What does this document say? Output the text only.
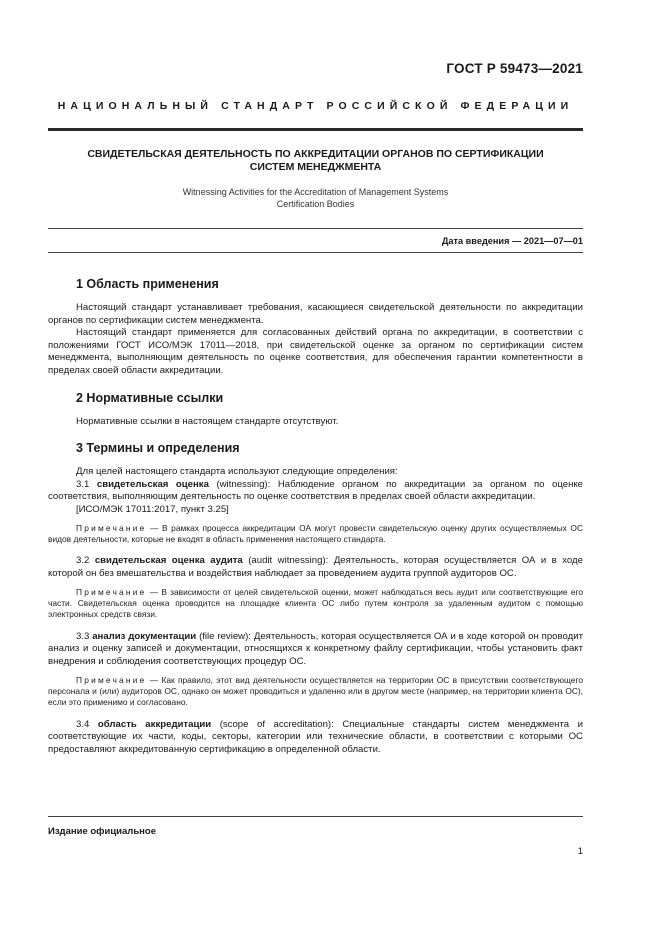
ГОСТ Р 59473—2021
НАЦИОНАЛЬНЫЙ СТАНДАРТ РОССИЙСКОЙ ФЕДЕРАЦИИ
СВИДЕТЕЛЬСКАЯ ДЕЯТЕЛЬНОСТЬ ПО АККРЕДИТАЦИИ ОРГАНОВ ПО СЕРТИФИКАЦИИ
СИСТЕМ МЕНЕДЖМЕНТА
Witnessing Activities for the Accreditation of Management Systems
Certification Bodies
Дата введения — 2021—07—01
1 Область применения

Настоящий стандарт устанавливает требования, касающиеся свидетельской деятельности по аккредитации органов по сертификации систем менеджмента.

Настоящий стандарт применяется для согласованных действий органа по аккредитации, в соответствии с положениями ГОСТ ИСО/МЭК 17011—2018, при свидетельской оценке за органом по сертификации систем менеджмента, выполняющим деятельность по оценке соответствия, для обеспечения гарантии компетентности в пределах своей области аккредитации.

2 Нормативные ссылки

Нормативные ссылки в настоящем стандарте отсутствуют.

3 Термины и определения

Для целей настоящего стандарта используют следующие определения:

3.1 свидетельская оценка (witnessing): Наблюдение органом по аккредитации за органом по оценке соответствия, выполняющим деятельность по оценке соответствия в пределах своей области аккредитации.

[ИСО/МЭК 17011:2017, пункт 3.25]

Примечание — В рамках процесса аккредитации ОА могут провести свидетельскую оценку других осуществляемых ОС видов деятельности, которые не входят в область применения настоящего стандарта.

3.2 свидетельская оценка аудита (audit witnessing): Деятельность, которая осуществляется ОА и в ходе которой он без вмешательства и воздействия наблюдает за проведением аудита группой аудиторов ОС.

Примечание — В зависимости от целей свидетельской оценки, может наблюдаться весь аудит или соответствующие его части. Свидетельская оценка проводится на площадке клиента ОС либо путем контроля за удаленным аудитом с помощью электронных средств связи.

3.3 анализ документации (file review): Деятельность, которая осуществляется ОА и в ходе которой он проводит анализ и оценку записей и документации, относящихся к конкретному файлу сертификации, чтобы установить факт внедрения и соблюдения соответствующих процедур ОС.

Примечание — Как правило, этот вид деятельности осуществляется на территории ОС в присутствии соответствующего персонала и (или) аудиторов ОС, однако он может проводиться и удаленно или в другом месте (например, на территории клиента ОС), если это применимо и согласовано.

3.4 область аккредитации (scope of accreditation): Специальные стандарты систем менеджмента и соответствующие их части, коды, секторы, категории или технические области, в соответствии с которыми ОС предоставляют аккредитованную сертификацию в определенной области.

Издание официальное
1
